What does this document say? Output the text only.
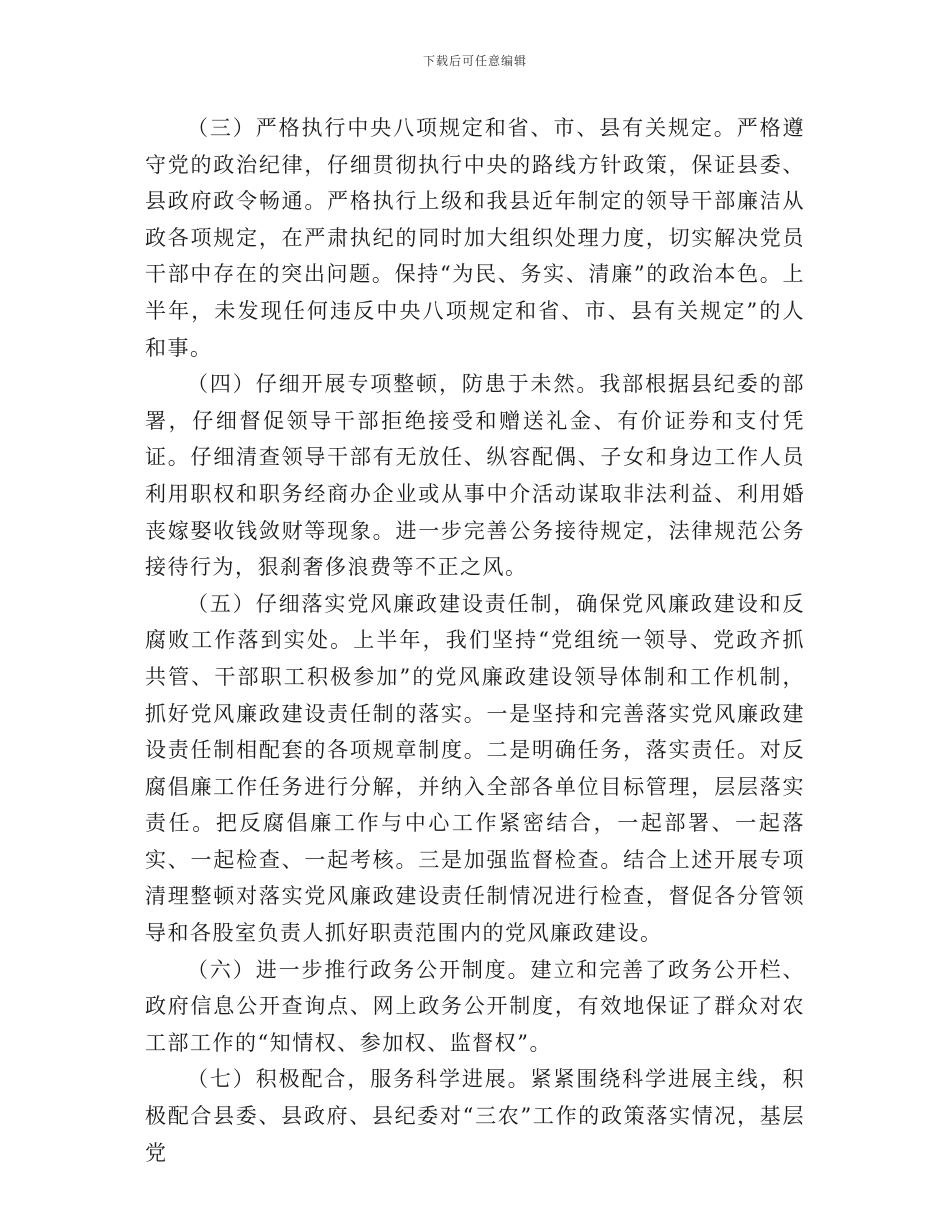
下载后可任意编辑

（三）严格执行中央八项规定和省、市、县有关规定。严格遵守党的政治纪律，仔细贯彻执行中央的路线方针政策，保证县委、县政府政令畅通。严格执行上级和我县近年制定的领导干部廉洁从政各项规定，在严肃执纪的同时加大组织处理力度，切实解决党员干部中存在的突出问题。保持“为民、务实、清廉”的政治本色。上半年，未发现任何违反中央八项规定和省、市、县有关规定”的人和事。

（四）仔细开展专项整顿，防患于未然。我部根据县纪委的部署，仔细督促领导干部拒绝接受和赠送礼金、有价证券和支付凭证。仔细清查领导干部有无放任、纵容配偶、子女和身边工作人员利用职权和职务经商办企业或从事中介活动谋取非法利益、利用婚丧嫁娶收钱敛财等现象。进一步完善公务接待规定，法律规范公务接待行为，狠刹奢侈浪费等不正之风。

（五）仔细落实党风廉政建设责任制，确保党风廉政建设和反腐败工作落到实处。上半年，我们坚持“党组统一领导、党政齐抓共管、干部职工积极参加”的党风廉政建设领导体制和工作机制，抓好党风廉政建设责任制的落实。一是坚持和完善落实党风廉政建设责任制相配套的各项规章制度。二是明确任务，落实责任。对反腐倡廉工作任务进行分解，并纳入全部各单位目标管理，层层落实责任。把反腐倡廉工作与中心工作紧密结合，一起部署、一起落实、一起检查、一起考核。三是加强监督检查。结合上述开展专项清理整顿对落实党风廉政建设责任制情况进行检查，督促各分管领导和各股室负责人抓好职责范围内的党风廉政建设。

（六）进一步推行政务公开制度。建立和完善了政务公开栏、政府信息公开查询点、网上政务公开制度，有效地保证了群众对农工部工作的“知情权、参加权、监督权”。

（七）积极配合，服务科学进展。紧紧围绕科学进展主线，积极配合县委、县政府、县纪委对“三农”工作的政策落实情况，基层党
